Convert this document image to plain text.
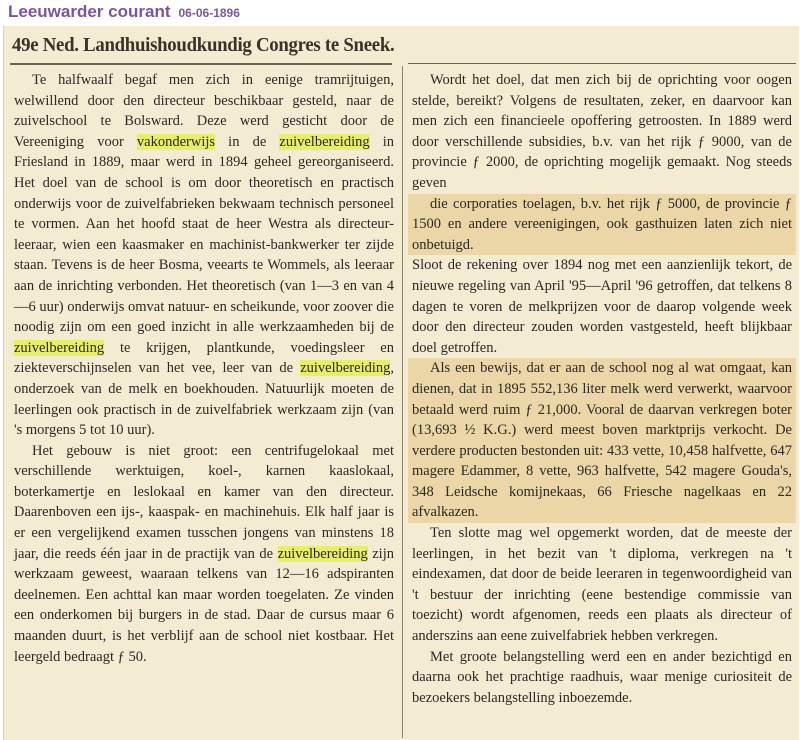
Leeuwarder courant 06-06-1896
49e Ned. Landhuishoudkundig Congres te Sneek.

Te halfwaalf begaf men zich in eenige tramrijtuigen, welwillend door den directeur beschikbaar gesteld, naar de zuivelschool te Bolsward. Deze werd gesticht door de Vereeniging voor vakonderwijs in de zuivelbereiding in Friesland in 1889, maar werd in 1894 geheel gereorganiseerd. Het doel van de school is om door theoretisch en practisch onderwijs voor de zuivelfabrieken bekwaam technisch personeel te vormen. Aan het hoofd staat de heer Westra als directeur-leeraar, wien een kaasmaker en machinist-bankwerker ter zijde staan. Tevens is de heer Bosma, veearts te Wommels, als leeraar aan de inrichting verbonden. Het theoretisch (van 1—3 en van 4—6 uur) onderwijs omvat natuur- en scheikunde, voor zoover die noodig zijn om een goed inzicht in alle werkzaamheden bij de zuivelbereiding te krijgen, plantkunde, voedingsleer en ziekteverschijnselen van het vee, leer van de zuivelbereiding, onderzoek van de melk en boekhouden. Natuurlijk moeten de leerlingen ook practisch in de zuivelfabriek werkzaam zijn (van 's morgens 5 tot 10 uur).

Het gebouw is niet groot: een centrifugelokaal met verschillende werktuigen, koel-, karnen kaaslokaal, boterkamertje en leslokaal en kamer van den directeur. Daarenboven een ijs-, kaaspak- en machinehuis. Elk half jaar is er een vergelijkend examen tusschen jongens van minstens 18 jaar, die reeds één jaar in de practijk van de zuivelbereiding zijn werkzaam geweest, waaraan telkens van 12—16 adspiranten deelnemen. Een achttal kan maar worden toegelaten. Ze vinden een onderkomen bij burgers in de stad. Daar de cursus maar 6 maanden duurt, is het verblijf aan de school niet kostbaar. Het leergeld bedraagt ƒ 50.

Wordt het doel, dat men zich bij de oprichting voor oogen stelde, bereikt? Volgens de resultaten, zeker, en daarvoor kan men zich een financieele opoffering getroosten. In 1889 werd door verschillende subsidies, b.v. van het rijk ƒ 9000, van de provincie ƒ 2000, de oprichting mogelijk gemaakt. Nog steeds geven
die corporaties toelagen, b.v. het rijk ƒ 5000, de provincie ƒ 1500 en andere vereenigingen, ook gasthuizen laten zich niet onbetuigd.
Sloot de rekening over 1894 nog met een aanzienlijk tekort, de nieuwe regeling van April '95—April '96 getroffen, dat telkens 8 dagen te voren de melkprijzen voor de daarop volgende week door den directeur zouden worden vastgesteld, heeft blijkbaar doel getroffen.
Als een bewijs, dat er aan de school nog al wat omgaat, kan dienen, dat in 1895 552,136 liter melk werd verwerkt, waarvoor betaald werd ruim ƒ 21,000. Vooral de daarvan verkregen boter (13,693 ½ K.G.) werd meest boven marktprijs verkocht. De verdere producten bestonden uit: 433 vette, 10,458 halfvette, 647 magere Edammer, 8 vette, 963 halfvette, 542 magere Gouda's, 348 Leidsche komijnekaas, 66 Friesche nagelkaas en 22 afvalkazen.

Ten slotte mag wel opgemerkt worden, dat de meeste der leerlingen, in het bezit van 't diploma, verkregen na 't eindexamen, dat door de beide leeraren in tegenwoordigheid van 't bestuur der inrichting (eene bestendige commissie van toezicht) wordt afgenomen, reeds een plaats als directeur of anderszins aan eene zuivelfabriek hebben verkregen.

Met groote belangstelling werd een en ander bezichtigd en daarna ook het prachtige raadhuis, waar menige curiositeit de bezoekers belangstelling inboezemde.
